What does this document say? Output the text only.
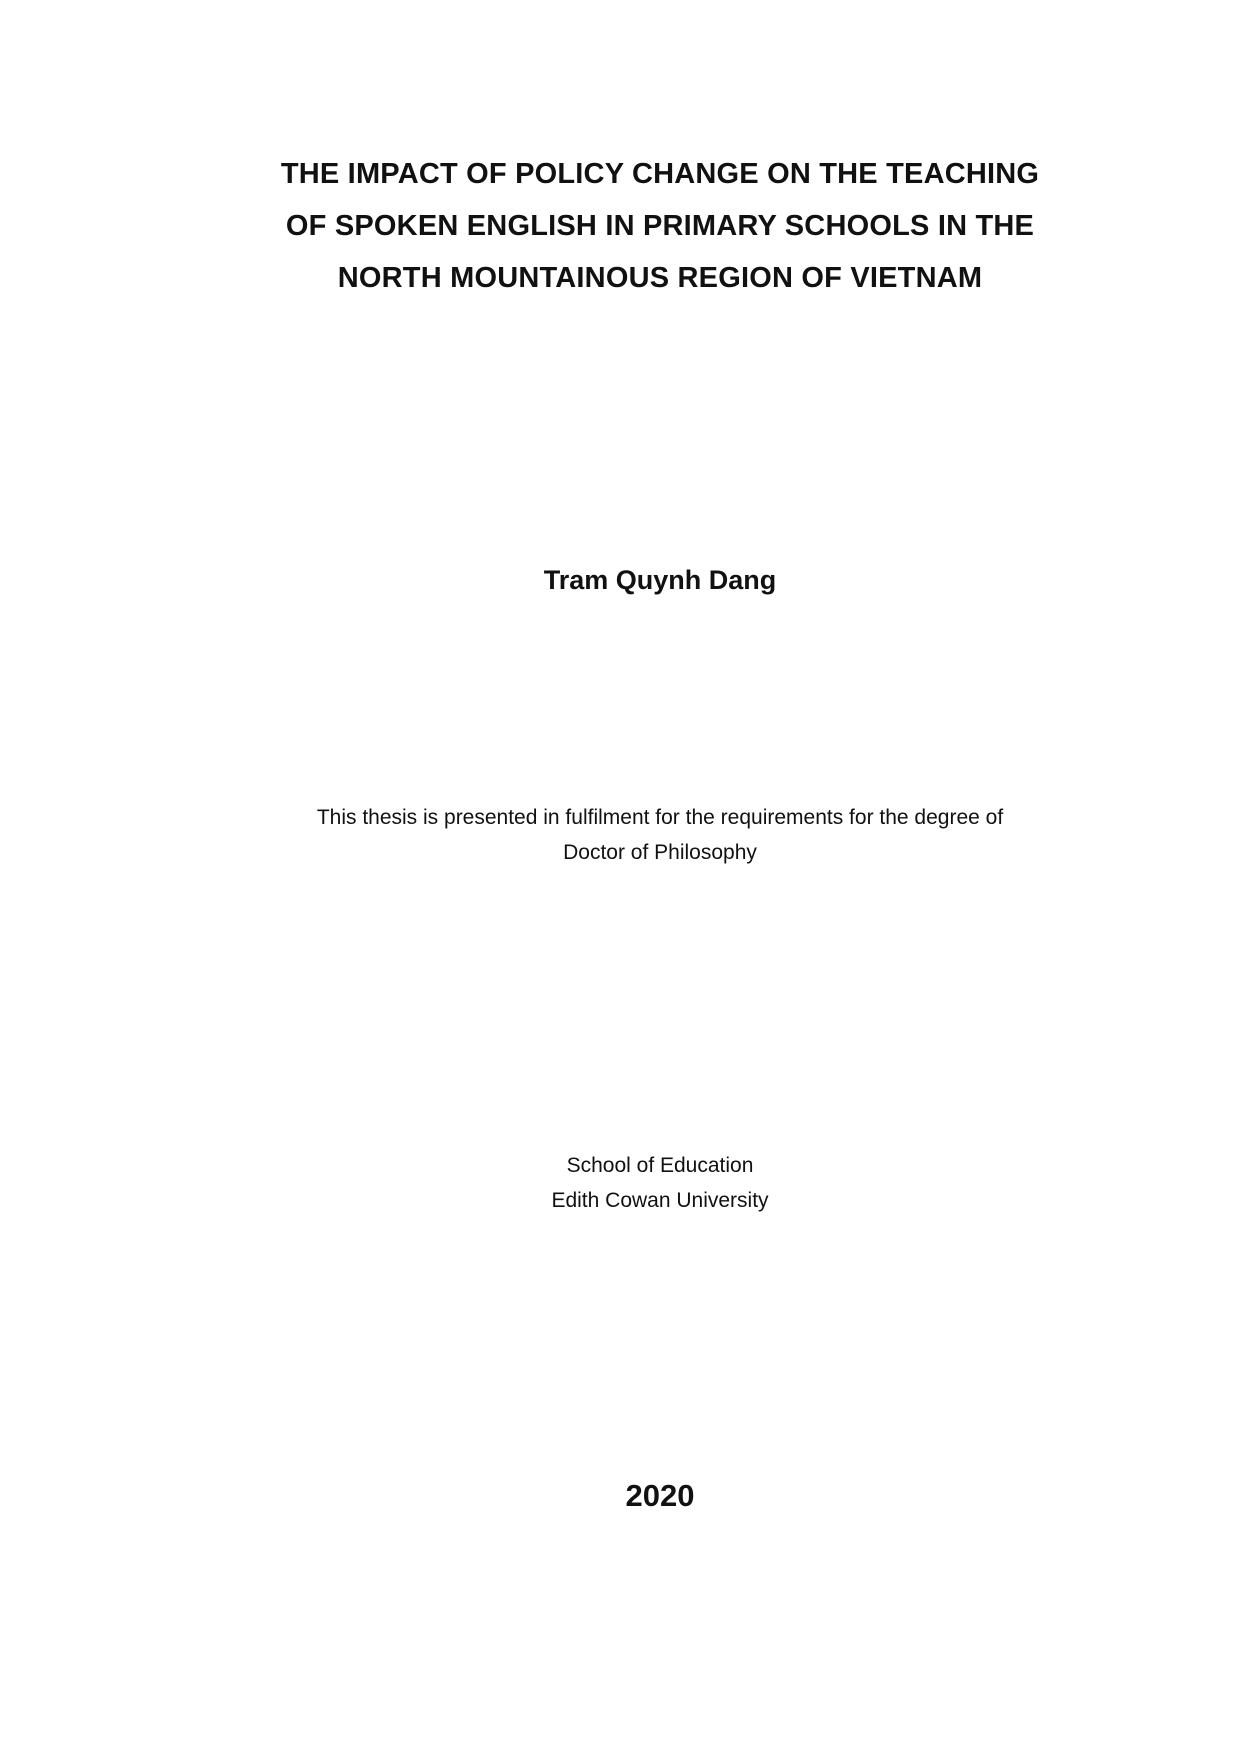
THE IMPACT OF POLICY CHANGE ON THE TEACHING
OF SPOKEN ENGLISH IN PRIMARY SCHOOLS IN THE
NORTH MOUNTAINOUS REGION OF VIETNAM

Tram Quynh Dang

This thesis is presented in fulfilment for the requirements for the degree of
Doctor of Philosophy

School of Education
Edith Cowan University

2020
